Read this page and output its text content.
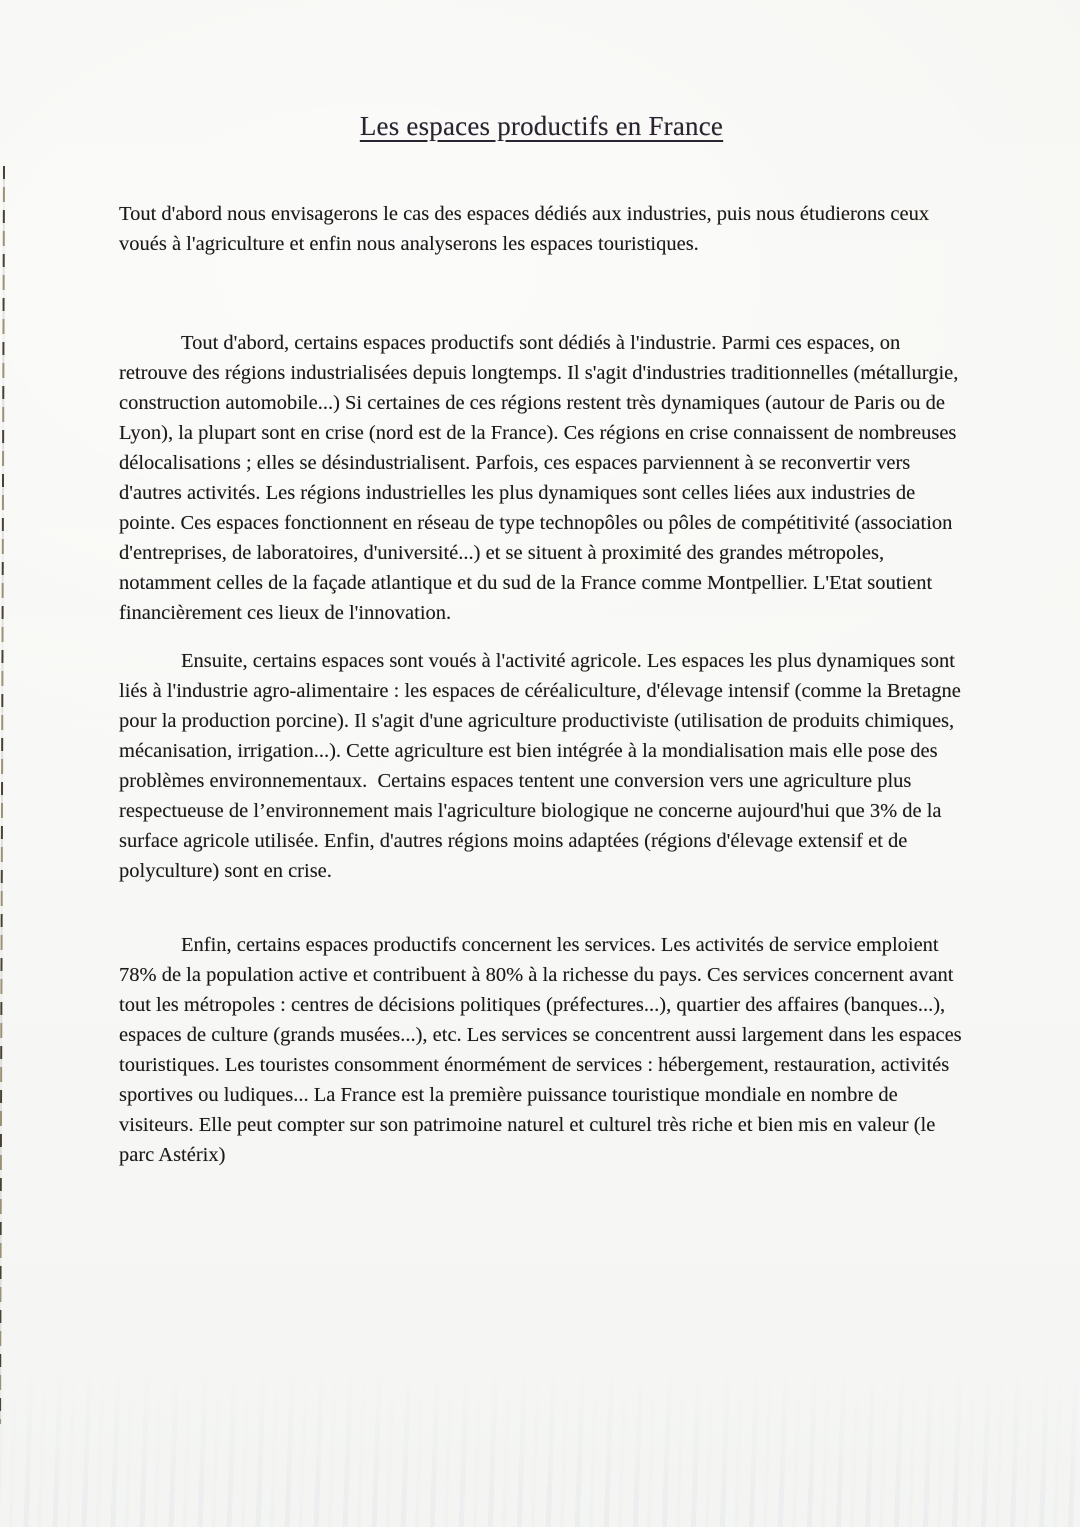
Les espaces productifs en France

Tout d'abord nous envisagerons le cas des espaces dédiés aux industries, puis nous étudierons ceux voués à l'agriculture et enfin nous analyserons les espaces touristiques.

Tout d'abord, certains espaces productifs sont dédiés à l'industrie. Parmi ces espaces, on retrouve des régions industrialisées depuis longtemps. Il s'agit d'industries traditionnelles (métallurgie, construction automobile...) Si certaines de ces régions restent très dynamiques (autour de Paris ou de Lyon), la plupart sont en crise (nord est de la France). Ces régions en crise connaissent de nombreuses délocalisations ; elles se désindustrialisent. Parfois, ces espaces parviennent à se reconvertir vers d'autres activités. Les régions industrielles les plus dynamiques sont celles liées aux industries de pointe. Ces espaces fonctionnent en réseau de type technopôles ou pôles de compétitivité (association d'entreprises, de laboratoires, d'université...) et se situent à proximité des grandes métropoles, notamment celles de la façade atlantique et du sud de la France comme Montpellier. L'Etat soutient financièrement ces lieux de l'innovation.

Ensuite, certains espaces sont voués à l'activité agricole. Les espaces les plus dynamiques sont liés à l'industrie agro-alimentaire : les espaces de céréaliculture, d'élevage intensif (comme la Bretagne pour la production porcine). Il s'agit d'une agriculture productiviste (utilisation de produits chimiques, mécanisation, irrigation...). Cette agriculture est bien intégrée à la mondialisation mais elle pose des problèmes environnementaux.  Certains espaces tentent une conversion vers une agriculture plus respectueuse de l’environnement mais l'agriculture biologique ne concerne aujourd'hui que 3% de la surface agricole utilisée. Enfin, d'autres régions moins adaptées (régions d'élevage extensif et de polyculture) sont en crise.

Enfin, certains espaces productifs concernent les services. Les activités de service emploient 78% de la population active et contribuent à 80% à la richesse du pays. Ces services concernent avant tout les métropoles : centres de décisions politiques (préfectures...), quartier des affaires (banques...), espaces de culture (grands musées...), etc. Les services se concentrent aussi largement dans les espaces touristiques. Les touristes consomment énormément de services : hébergement, restauration, activités sportives ou ludiques... La France est la première puissance touristique mondiale en nombre de visiteurs. Elle peut compter sur son patrimoine naturel et culturel très riche et bien mis en valeur (le parc Astérix)
